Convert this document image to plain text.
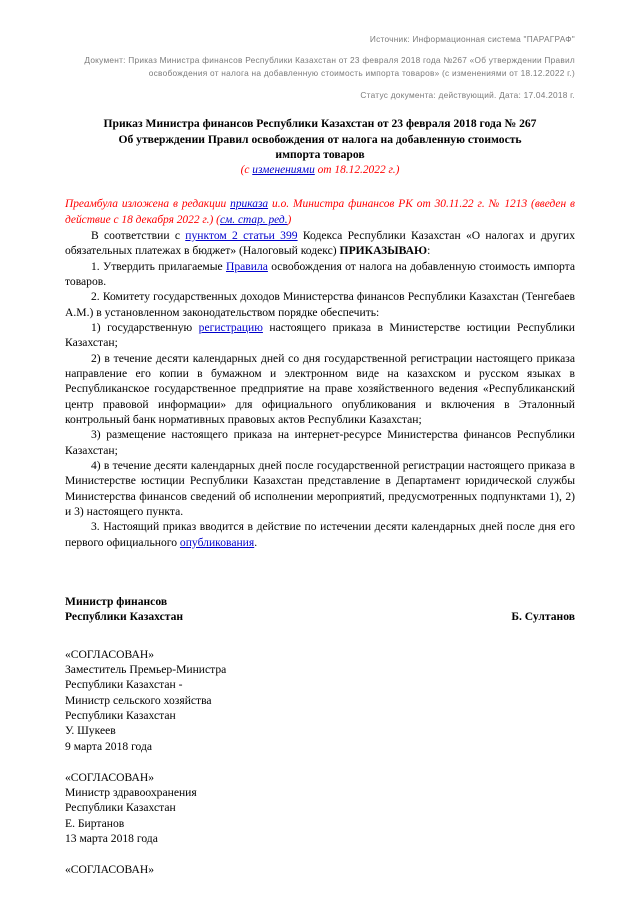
Источник: Информационная система "ПАРАГРАФ"
Документ: Приказ Министра финансов Республики Казахстан от 23 февраля 2018 года №267 «Об утверждении Правил освобождения от налога на добавленную стоимость импорта товаров» (с изменениями от 18.12.2022 г.)
Статус документа: действующий. Дата: 17.04.2018 г.
Приказ Министра финансов Республики Казахстан от 23 февраля 2018 года № 267
Об утверждении Правил освобождения от налога на добавленную стоимость
импорта товаров
(с изменениями от 18.12.2022 г.)
Преамбула изложена в редакции приказа и.о. Министра финансов РК от 30.11.22 г. № 1213 (введен в действие с 18 декабря 2022 г.) (см. стар. ред.)

В соответствии с пунктом 2 статьи 399 Кодекса Республики Казахстан «О налогах и других обязательных платежах в бюджет» (Налоговый кодекс) ПРИКАЗЫВАЮ:

1. Утвердить прилагаемые Правила освобождения от налога на добавленную стоимость импорта товаров.

2. Комитету государственных доходов Министерства финансов Республики Казахстан (Тенгебаев А.М.) в установленном законодательством порядке обеспечить:

1) государственную регистрацию настоящего приказа в Министерстве юстиции Республики Казахстан;

2) в течение десяти календарных дней со дня государственной регистрации настоящего приказа направление его копии в бумажном и электронном виде на казахском и русском языках в Республиканское государственное предприятие на праве хозяйственного ведения «Республиканский центр правовой информации» для официального опубликования и включения в Эталонный контрольный банк нормативных правовых актов Республики Казахстан;

3) размещение настоящего приказа на интернет-ресурсе Министерства финансов Республики Казахстан;

4) в течение десяти календарных дней после государственной регистрации настоящего приказа в Министерстве юстиции Республики Казахстан представление в Департамент юридической службы Министерства финансов сведений об исполнении мероприятий, предусмотренных подпунктами 1), 2) и 3) настоящего пункта.

3. Настоящий приказ вводится в действие по истечении десяти календарных дней после дня его первого официального опубликования.

Министр финансов
Республики Казахстан	Б. Султанов
«СОГЛАСОВАН»
Заместитель Премьер-Министра
Республики Казахстан -
Министр сельского хозяйства
Республики Казахстан
У. Шукеев
9 марта 2018 года
«СОГЛАСОВАН»
Министр здравоохранения
Республики Казахстан
Е. Биртанов
13 марта 2018 года
«СОГЛАСОВАН»
